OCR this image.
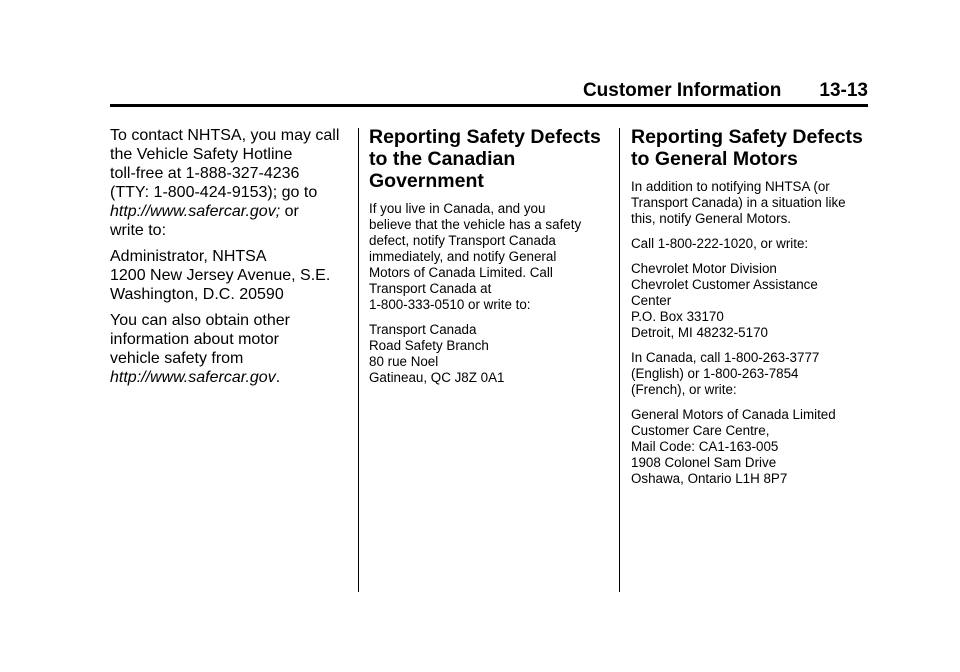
Customer Information 13-13

To contact NHTSA, you may call
the Vehicle Safety Hotline
toll-free at 1-888-327-4236
(TTY: 1-800-424-9153); go to
http://www.safercar.gov; or
write to:

Administrator, NHTSA
1200 New Jersey Avenue, S.E.
Washington, D.C. 20590

You can also obtain other
information about motor
vehicle safety from
http://www.safercar.gov.

Reporting Safety Defects
to the Canadian
Government

If you live in Canada, and you
believe that the vehicle has a safety
defect, notify Transport Canada
immediately, and notify General
Motors of Canada Limited. Call
Transport Canada at
1-800-333-0510 or write to:

Transport Canada
Road Safety Branch
80 rue Noel
Gatineau, QC J8Z 0A1

Reporting Safety Defects
to General Motors

In addition to notifying NHTSA (or
Transport Canada) in a situation like
this, notify General Motors.

Call 1-800-222-1020, or write:

Chevrolet Motor Division
Chevrolet Customer Assistance
Center
P.O. Box 33170
Detroit, MI 48232-5170

In Canada, call 1-800-263-3777
(English) or 1-800-263-7854
(French), or write:

General Motors of Canada Limited
Customer Care Centre,
Mail Code: CA1-163-005
1908 Colonel Sam Drive
Oshawa, Ontario L1H 8P7
